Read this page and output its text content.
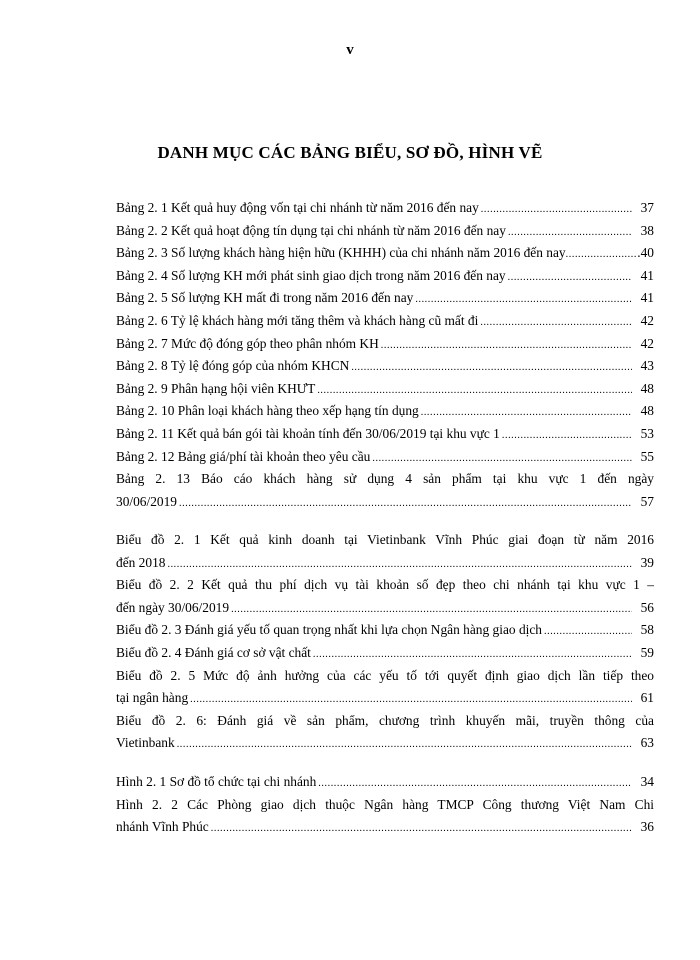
v
DANH MỤC CÁC BẢNG BIỂU, SƠ ĐỒ, HÌNH VẼ
Bảng 2. 1 Kết quả huy động vốn tại chi nhánh từ năm 2016 đến nay .....	37
Bảng 2. 2 Kết quả hoạt động tín dụng tại chi nhánh từ năm 2016 đến nay .....	38
Bảng 2. 3 Số lượng khách hàng hiện hữu (KHHH) của chi nhánh năm 2016 đến nay .....	.40
Bảng 2. 4 Số lượng KH mới phát sinh giao dịch trong năm 2016 đến nay .....	41
Bảng 2. 5 Số lượng KH mất đi trong năm 2016 đến nay .....	41
Bảng 2. 6 Tỷ lệ khách hàng mới tăng thêm và khách hàng cũ mất đi .....	42
Bảng 2. 7 Mức độ đóng góp theo phân nhóm KH .....	42
Bảng 2. 8 Tỷ lệ đóng góp của nhóm KHCN .....	43
Bảng 2. 9 Phân hạng hội viên KHƯT .....	48
Bảng 2. 10 Phân loại khách hàng theo xếp hạng tín dụng .....	48
Bảng 2. 11 Kết quả bán gói tài khoản tính đến 30/06/2019 tại khu vực 1 .....	53
Bảng 2. 12 Bảng giá/phí tài khoản theo yêu cầu .....	55
Bảng 2. 13 Báo cáo khách hàng sử dụng 4 sản phẩm tại khu vực 1 đến ngày
30/06/2019 .....	57
Biểu đồ 2. 1 Kết quả kinh doanh tại Vietinbank Vĩnh Phúc giai đoạn từ năm 2016
đến 2018 .....	39
Biểu đồ 2. 2 Kết quả thu phí dịch vụ tài khoản số đẹp theo chi nhánh tại khu vực 1 –
đến ngày 30/06/2019 .....	56
Biểu đồ 2. 3 Đánh giá yếu tố quan trọng nhất khi lựa chọn Ngân hàng giao dịch .....	58
Biểu đồ 2. 4 Đánh giá cơ sở vật chất .....	59
Biểu đồ 2. 5 Mức độ ảnh hưởng của các yếu tố tới quyết định giao dịch lần tiếp theo
tại ngân hàng .....	61
Biểu đồ 2. 6: Đánh giá về sản phẩm, chương trình khuyến mãi, truyền thông của
Vietinbank .....	63
Hình 2. 1 Sơ đồ tổ chức tại chi nhánh .....	34
Hình 2. 2 Các Phòng giao dịch thuộc Ngân hàng TMCP Công thương Việt Nam Chi
nhánh Vĩnh Phúc .....	36
